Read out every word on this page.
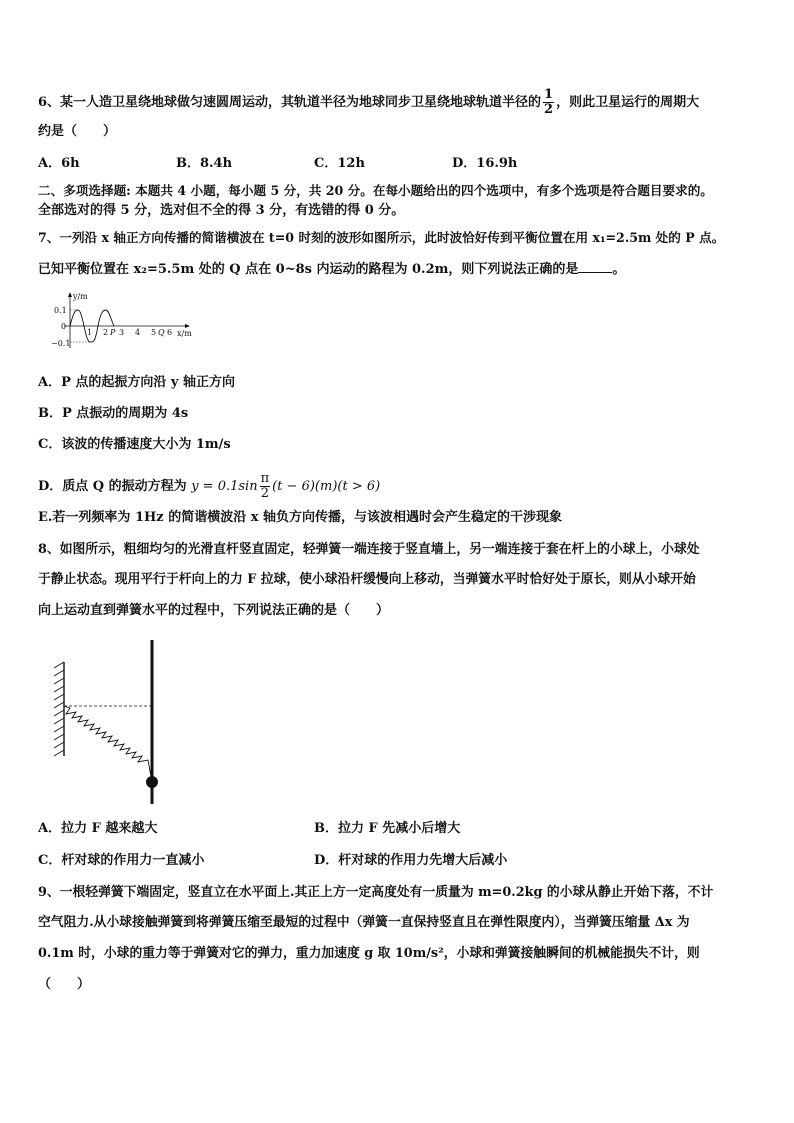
6、某一人造卫星绕地球做匀速圆周运动，其轨道半径为地球同步卫星绕地球轨道半径的 $\frac{1}{2}$ ，则此卫星运行的周期大
约是（　　）
A．6h	B．8.4h	C．12h	D．16.9h
二、多项选择题: 本题共 4 小题，每小题 5 分，共 20 分。在每小题给出的四个选项中，有多个选项是符合题目要求的。
全部选对的得 5 分，选对但不全的得 3 分，有选错的得 0 分。
7、一列沿 x 轴正方向传播的简谐横波在 t=0 时刻的波形如图所示，此时波恰好传到平衡位置在用 x₁=2.5m 处的 P 点。
已知平衡位置在 x₂=5.5m 处的 Q 点在 0~8s 内运动的路程为 0.2m，则下列说法正确的是	。
y/m
x/m
0.1
0
−0.1
1 2 P 3 4 5 Q 6
A．P 点的起振方向沿 y 轴正方向
B．P 点振动的周期为 4s
C．该波的传播速度大小为 1m/s
D．质点 Q 的振动方程为 $y = 0.1\sin \frac{\pi}{2} (t - 6)(m)(t > 6)$
E.若一列频率为 1Hz 的简谐横波沿 x 轴负方向传播，与该波相遇时会产生稳定的干涉现象
8、如图所示，粗细均匀的光滑直杆竖直固定，轻弹簧一端连接于竖直墙上，另一端连接于套在杆上的小球上，小球处
于静止状态。现用平行于杆向上的力 F 拉球，使小球沿杆缓慢向上移动，当弹簧水平时恰好处于原长，则从小球开始
向上运动直到弹簧水平的过程中，下列说法正确的是（　　）
A．拉力 F 越来越大	B．拉力 F 先减小后增大
C．杆对球的作用力一直减小	D．杆对球的作用力先增大后减小
9、一根轻弹簧下端固定，竖直立在水平面上.其正上方一定高度处有一质量为 m=0.2kg 的小球从静止开始下落，不计
空气阻力.从小球接触弹簧到将弹簧压缩至最短的过程中（弹簧一直保持竖直且在弹性限度内），当弹簧压缩量 Δx 为
0.1m 时，小球的重力等于弹簧对它的弹力，重力加速度 g 取 10m/s²，小球和弹簧接触瞬间的机械能损失不计，则
（　　）
